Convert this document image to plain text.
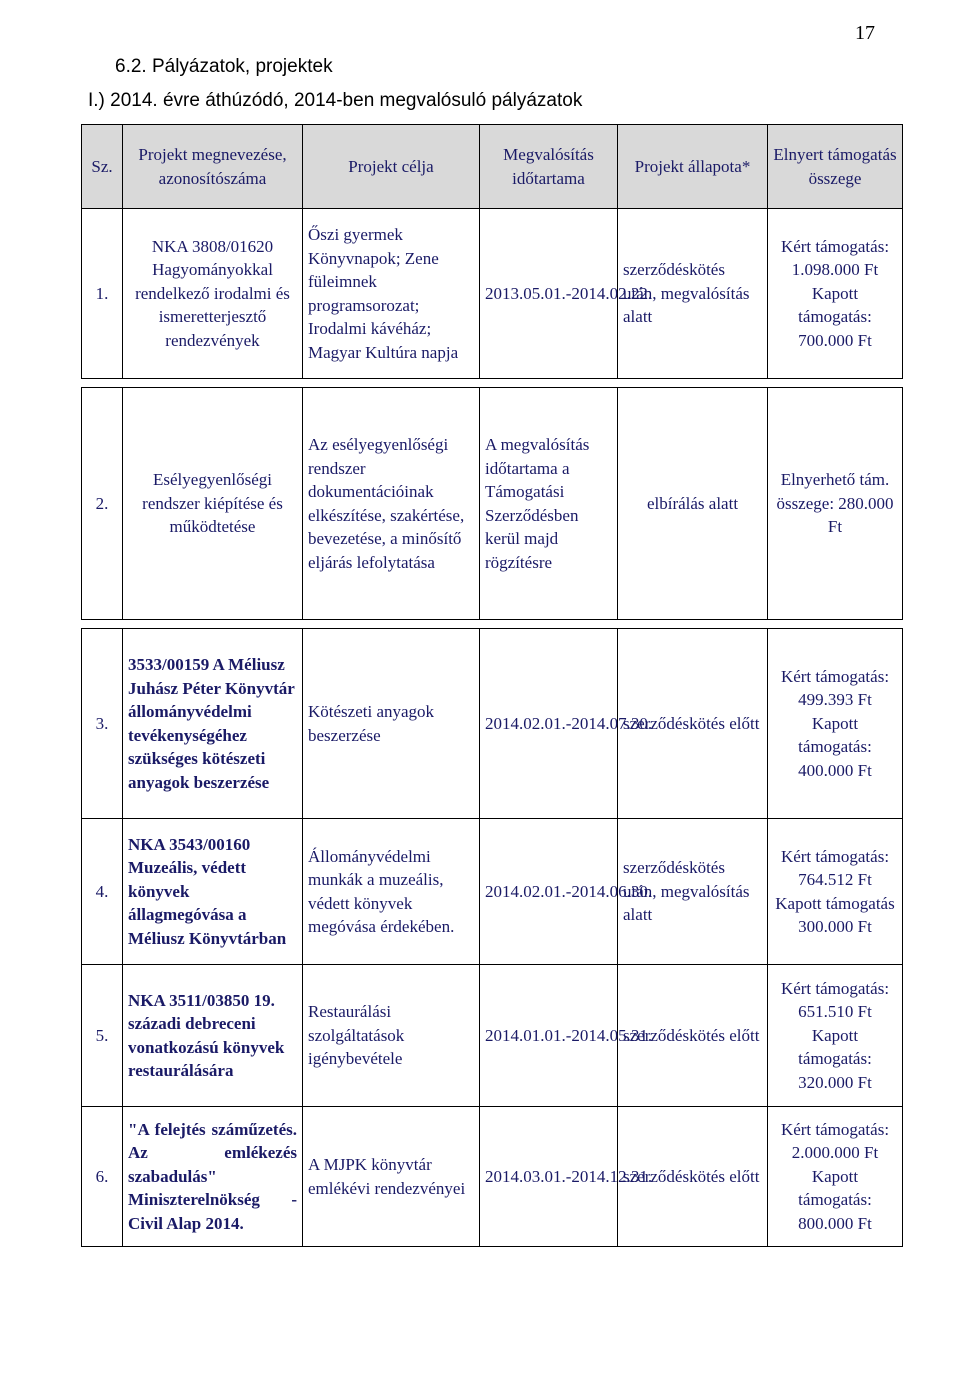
17
6.2. Pályázatok, projektek
I.) 2014. évre áthúzódó, 2014-ben megvalósuló pályázatok
Sz.	Projekt megnevezése, azonosítószáma	Projekt célja	Megvalósítás időtartama	Projekt állapota*	Elnyert támogatás összege
1.	NKA 3808/01620 Hagyományokkal rendelkező irodalmi és ismeretterjesztő rendezvények	Őszi gyermek Könyvnapok; Zene füleimnek programsorozat; Irodalmi kávéház; Magyar Kultúra napja	2013.05.01.-2014.02.22.	szerződéskötés után, megvalósítás alatt	Kért támogatás: 1.098.000 Ft Kapott támogatás: 700.000 Ft

2.	Esélyegyenlőségi rendszer kiépítése és működtetése	Az esélyegyenlőségi rendszer dokumentációinak elkészítése, szakértése, bevezetése, a minősítő eljárás lefolytatása	A megvalósítás időtartama a Támogatási Szerződésben kerül majd rögzítésre	elbírálás alatt	Elnyerhető tám. összege: 280.000 Ft

3.	3533/00159 A Méliusz Juhász Péter Könyvtár állományvédelmi tevékenységéhez szükséges kötészeti anyagok beszerzése	Kötészeti anyagok beszerzése	2014.02.01.-2014.07.30.	szerződéskötés előtt	Kért támogatás: 499.393 Ft Kapott támogatás: 400.000 Ft
4.	NKA 3543/00160 Muzeális, védett könyvek állagmegóvása a Méliusz Könyvtárban	Állományvédelmi munkák a muzeális, védett könyvek megóvása érdekében.	2014.02.01.-2014.06.30.	szerződéskötés után, megvalósítás alatt	Kért támogatás: 764.512 Ft Kapott támogatás 300.000 Ft
5.	NKA 3511/03850 19. századi debreceni vonatkozású könyvek restaurálására	Restaurálási szolgáltatások igénybevétele	2014.01.01.-2014.05.31.	szerződéskötés előtt	Kért támogatás: 651.510 Ft Kapott támogatás: 320.000 Ft
6.	"A felejtés száműzetés. Az emlékezés szabadulás" Miniszterelnökség - Civil Alap 2014.	A MJPK könyvtár emlékévi rendezvényei	2014.03.01.-2014.12.31.	szerződéskötés előtt	Kért támogatás: 2.000.000 Ft Kapott támogatás: 800.000 Ft
